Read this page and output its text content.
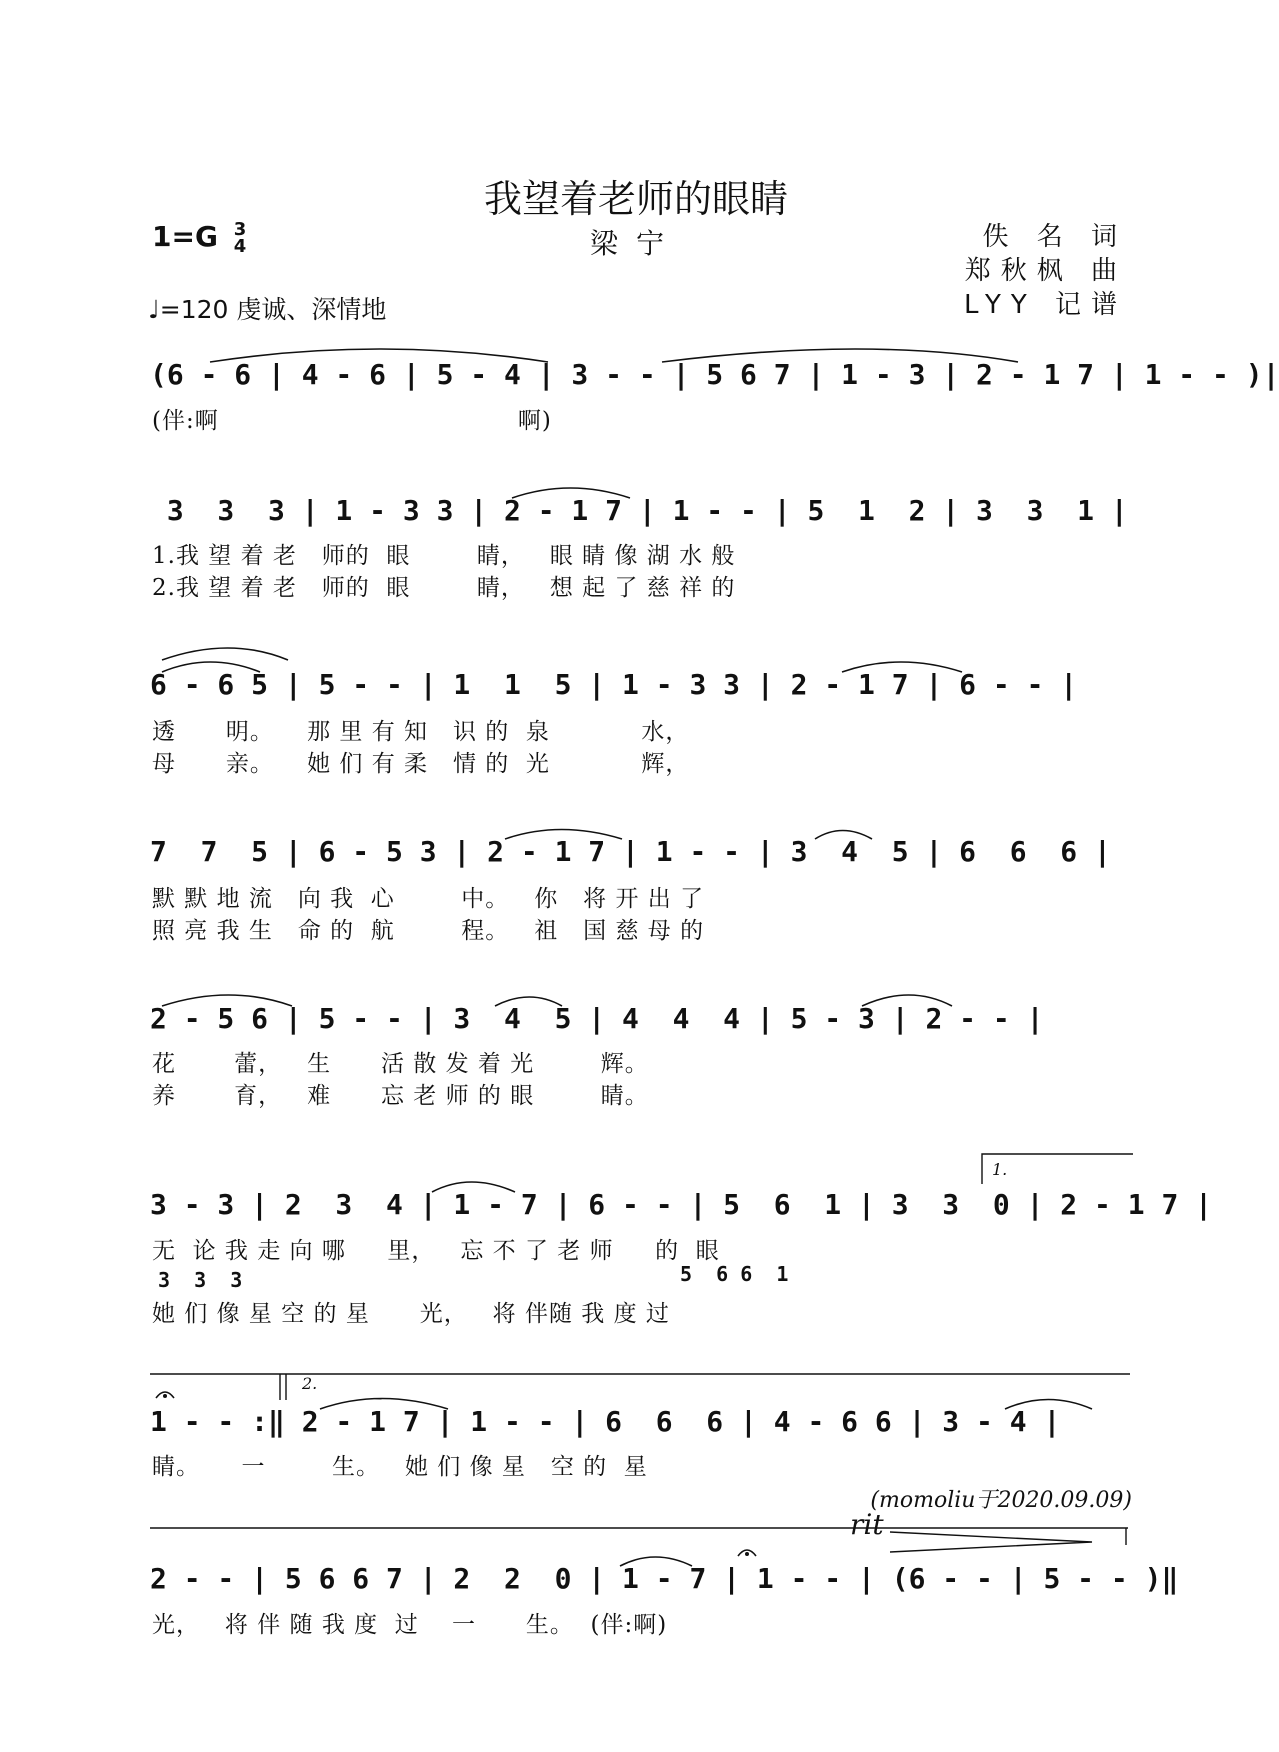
我望着老师的眼睛
梁宁
1=G 3
4
♩=120 虔诚、深情地
佚 名 词
郑秋枫 曲
LYY 记谱
(6 - 6 | 4 - 6 | 5 - 4 | 3 - - | 5 6 7 | 1 - 3 | 2 - 1 7 | 1 - - )|
(伴:啊                                    啊)
3  3  3 | 1 - 3 3 | 2 - 1 7 | 1 - - | 5  1  2 | 3  3  1 |
1.我 望 着 老   师的  眼        睛，   眼 睛 像 湖 水 般
2.我 望 着 老   师的  眼        睛，   想 起 了 慈 祥 的
6 - 6 5 | 5 - - | 1  1  5 | 1 - 3 3 | 2 - 1 7 | 6 - - |
透      明。    那 里 有 知   识 的  泉           水，
母      亲。    她 们 有 柔   情 的  光           辉，
7  7  5 | 6 - 5 3 | 2 - 1 7 | 1 - - | 3  4  5 | 6  6  6 |
默 默 地 流   向 我  心        中。   你   将 开 出 了
照 亮 我 生   命 的  航        程。   祖   国 慈 母 的
2 - 5 6 | 5 - - | 3  4  5 | 4  4  4 | 5 - 3 | 2 - - |
花       蕾，   生      活 散 发 着 光        辉。
养       育，   难      忘 老 师 的 眼        睛。
1.
3 - 3 | 2  3  4 | 1 - 7 | 6 - - | 5  6  1 | 3  3  0 | 2 - 1 7 |
无  论 我 走 向 哪     里，   忘 不 了 老 师     的  眼
3  3  3	5  6 6  1
她 们 像 星 空 的 星      光，   将 伴随 我 度 过
2.
1 - - :‖ 2 - 1 7 | 1 - - | 6  6  6 | 4 - 6 6 | 3 - 4 |
睛。     一        生。   她 们 像 星   空 的  星
(momoliu于2020.09.09)
rit
2 - - | 5 6 6 7 | 2  2  0 | 1 - 7 | 1 - - | (6 - - | 5 - - )‖
光，   将 伴 随 我 度  过    一      生。  (伴:啊)
